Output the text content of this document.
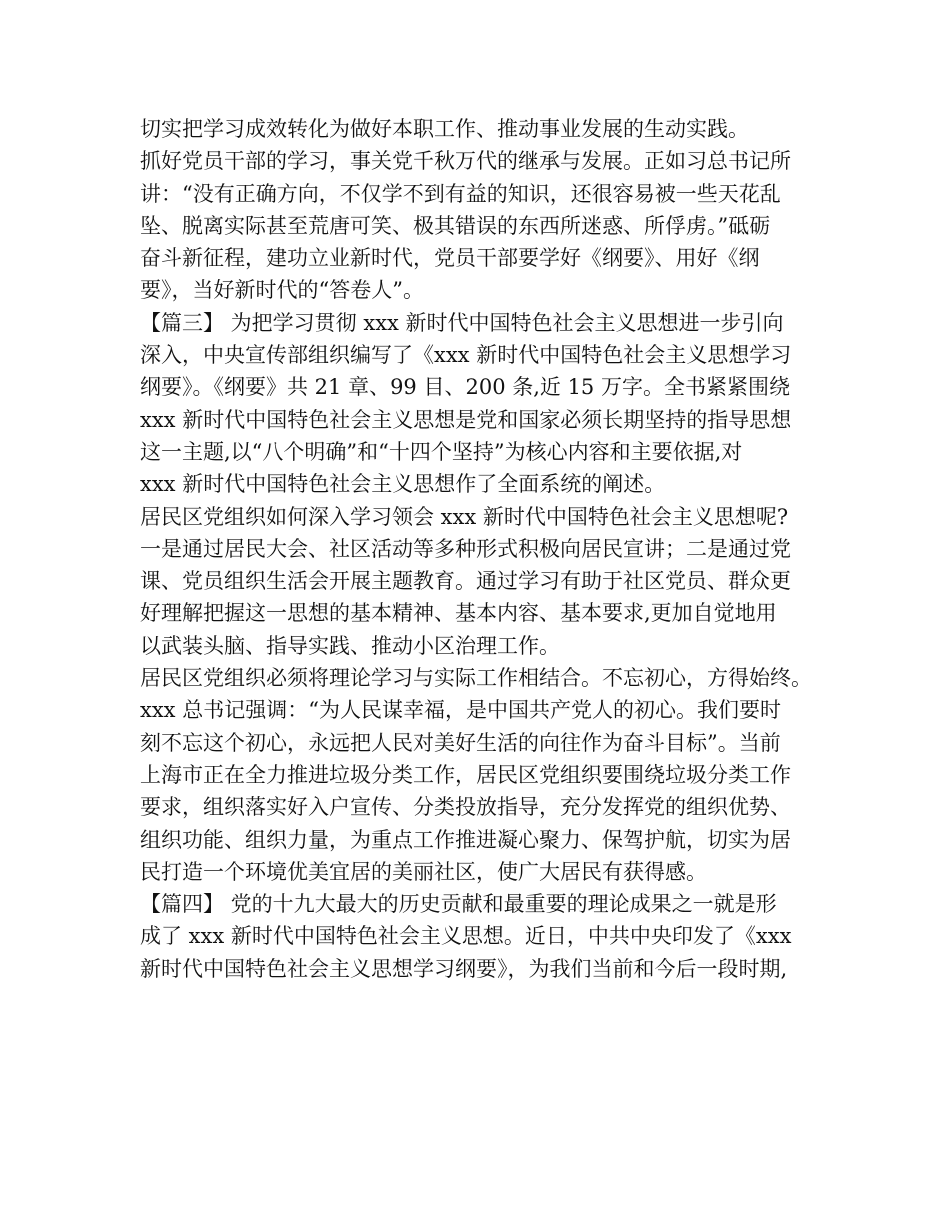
切实把学习成效转化为做好本职工作、推动事业发展的生动实践。
抓好党员干部的学习，事关党千秋万代的继承与发展。正如习总书记所
讲：“没有正确方向，不仅学不到有益的知识，还很容易被一些天花乱
坠、脱离实际甚至荒唐可笑、极其错误的东西所迷惑、所俘虏。”砥砺
奋斗新征程，建功立业新时代，党员干部要学好《纲要》、用好《纲
要》，当好新时代的“答卷人”。
【篇三】 为把学习贯彻 xxx 新时代中国特色社会主义思想进一步引向
深入，中央宣传部组织编写了《xxx 新时代中国特色社会主义思想学习
纲要》。《纲要》共 21 章、99 目、200 条,近 15 万字。全书紧紧围绕
xxx 新时代中国特色社会主义思想是党和国家必须长期坚持的指导思想
这一主题,以“八个明确”和“十四个坚持”为核心内容和主要依据,对
xxx 新时代中国特色社会主义思想作了全面系统的阐述。
居民区党组织如何深入学习领会 xxx 新时代中国特色社会主义思想呢?
一是通过居民大会、社区活动等多种形式积极向居民宣讲；二是通过党
课、党员组织生活会开展主题教育。通过学习有助于社区党员、群众更
好理解把握这一思想的基本精神、基本内容、基本要求,更加自觉地用
以武装头脑、指导实践、推动小区治理工作。
居民区党组织必须将理论学习与实际工作相结合。不忘初心，方得始终。
xxx 总书记强调：“为人民谋幸福，是中国共产党人的初心。我们要时
刻不忘这个初心，永远把人民对美好生活的向往作为奋斗目标”。当前
上海市正在全力推进垃圾分类工作，居民区党组织要围绕垃圾分类工作
要求，组织落实好入户宣传、分类投放指导，充分发挥党的组织优势、
组织功能、组织力量，为重点工作推进凝心聚力、保驾护航，切实为居
民打造一个环境优美宜居的美丽社区，使广大居民有获得感。
【篇四】 党的十九大最大的历史贡献和最重要的理论成果之一就是形
成了 xxx 新时代中国特色社会主义思想。近日，中共中央印发了《xxx
新时代中国特色社会主义思想学习纲要》，为我们当前和今后一段时期,
